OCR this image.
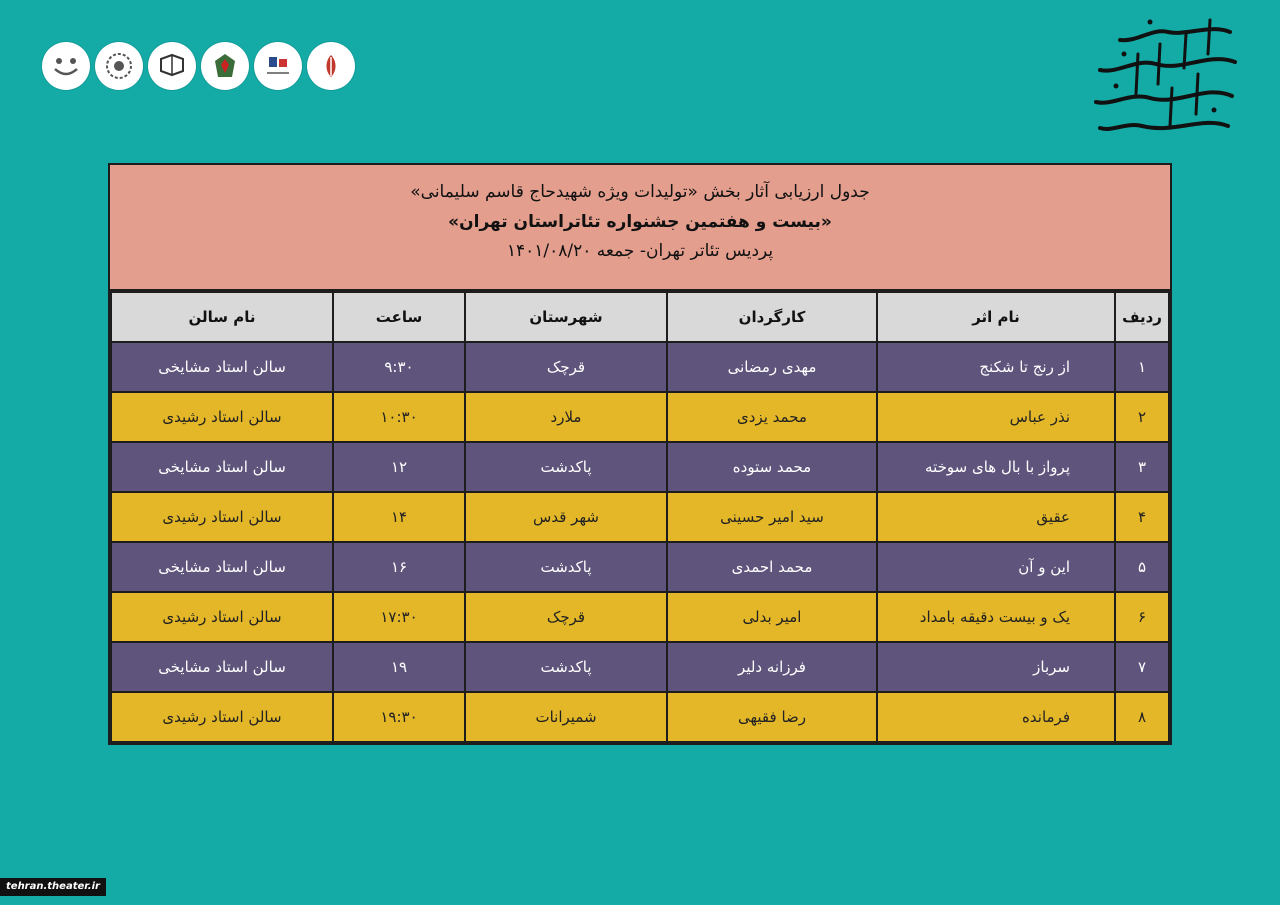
جدول ارزیابی آثار بخش «تولیدات ویژه شهیدحاج قاسم سلیمانی»
«بیست و هفتمین جشنواره تئاتراستان تهران»
پردیس تئاتر تهران- جمعه ۱۴۰۱/۰۸/۲۰
ردیف	نام اثر	کارگردان	شهرستان	ساعت	نام سالن
۱	از رنج تا شکنج	مهدی رمضانی	قرچک	۹:۳۰	سالن استاد مشایخی
۲	نذر عباس	محمد یزدی	ملارد	۱۰:۳۰	سالن استاد رشیدی
۳	پرواز با بال های سوخته	محمد ستوده	پاکدشت	۱۲	سالن استاد مشایخی
۴	عقیق	سید امیر حسینی	شهر قدس	۱۴	سالن استاد رشیدی
۵	این و آن	محمد احمدی	پاکدشت	۱۶	سالن استاد مشایخی
۶	یک و بیست دقیقه بامداد	امیر بدلی	قرچک	۱۷:۳۰	سالن استاد رشیدی
۷	سرباز	فرزانه دلیر	پاکدشت	۱۹	سالن استاد مشایخی
۸	فرمانده	رضا فقیهی	شمیرانات	۱۹:۳۰	سالن استاد رشیدی
tehran.theater.ir
